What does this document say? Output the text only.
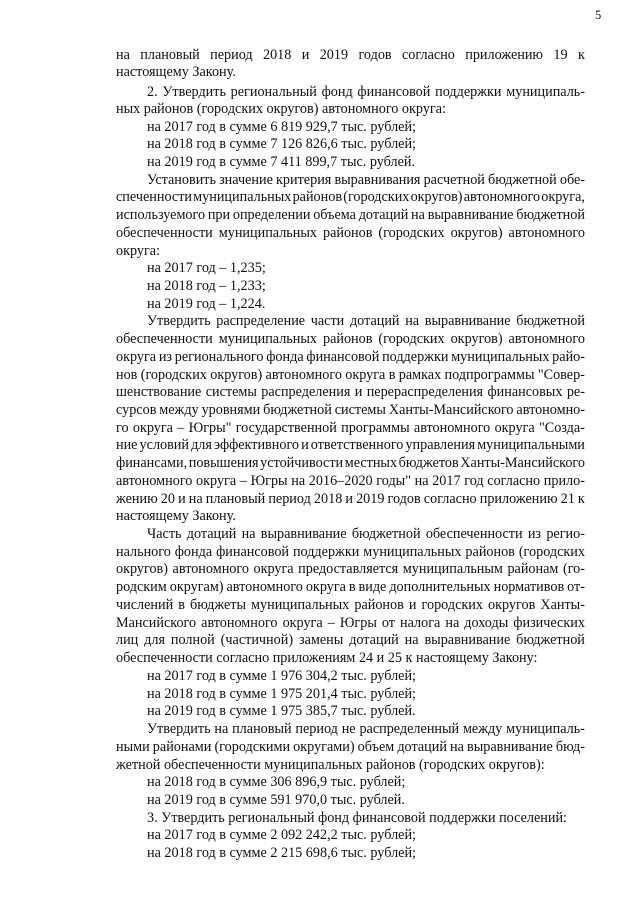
5
на плановый период 2018 и 2019 годов согласно приложению 19 к
настоящему Закону.
2. Утвердить региональный фонд финансовой поддержки муниципаль-
ных районов (городских округов) автономного округа:
на 2017 год в сумме 6 819 929,7 тыс. рублей;
на 2018 год в сумме 7 126 826,6 тыс. рублей;
на 2019 год в сумме 7 411 899,7 тыс. рублей.
Установить значение критерия выравнивания расчетной бюджетной обе-
спеченности муниципальных районов (городских округов) автономного округа,
используемого при определении объема дотаций на выравнивание бюджетной
обеспеченности муниципальных районов (городских округов) автономного
округа:
на 2017 год – 1,235;
на 2018 год – 1,233;
на 2019 год – 1,224.
Утвердить распределение части дотаций на выравнивание бюджетной
обеспеченности муниципальных районов (городских округов) автономного
округа из регионального фонда финансовой поддержки муниципальных райо-
нов (городских округов) автономного округа в рамках подпрограммы "Совер-
шенствование системы распределения и перераспределения финансовых ре-
сурсов между уровнями бюджетной системы Ханты-Мансийского автономно-
го округа – Югры" государственной программы автономного округа "Созда-
ние условий для эффективного и ответственного управления муниципальными
финансами, повышения устойчивости местных бюджетов Ханты-Мансийского
автономного округа – Югры на 2016–2020 годы" на 2017 год согласно прило-
жению 20 и на плановый период 2018 и 2019 годов согласно приложению 21 к
настоящему Закону.
Часть дотаций на выравнивание бюджетной обеспеченности из регио-
нального фонда финансовой поддержки муниципальных районов (городских
округов) автономного округа предоставляется муниципальным районам (го-
родским округам) автономного округа в виде дополнительных нормативов от-
числений в бюджеты муниципальных районов и городских округов Ханты-
Мансийского автономного округа – Югры от налога на доходы физических
лиц для полной (частичной) замены дотаций на выравнивание бюджетной
обеспеченности согласно приложениям 24 и 25 к настоящему Закону:
на 2017 год в сумме 1 976 304,2 тыс. рублей;
на 2018 год в сумме 1 975 201,4 тыс. рублей;
на 2019 год в сумме 1 975 385,7 тыс. рублей.
Утвердить на плановый период не распределенный между муниципаль-
ными районами (городскими округами) объем дотаций на выравнивание бюд-
жетной обеспеченности муниципальных районов (городских округов):
на 2018 год в сумме 306 896,9 тыс. рублей;
на 2019 год в сумме 591 970,0 тыс. рублей.
3. Утвердить региональный фонд финансовой поддержки поселений:
на 2017 год в сумме 2 092 242,2 тыс. рублей;
на 2018 год в сумме 2 215 698,6 тыс. рублей;
